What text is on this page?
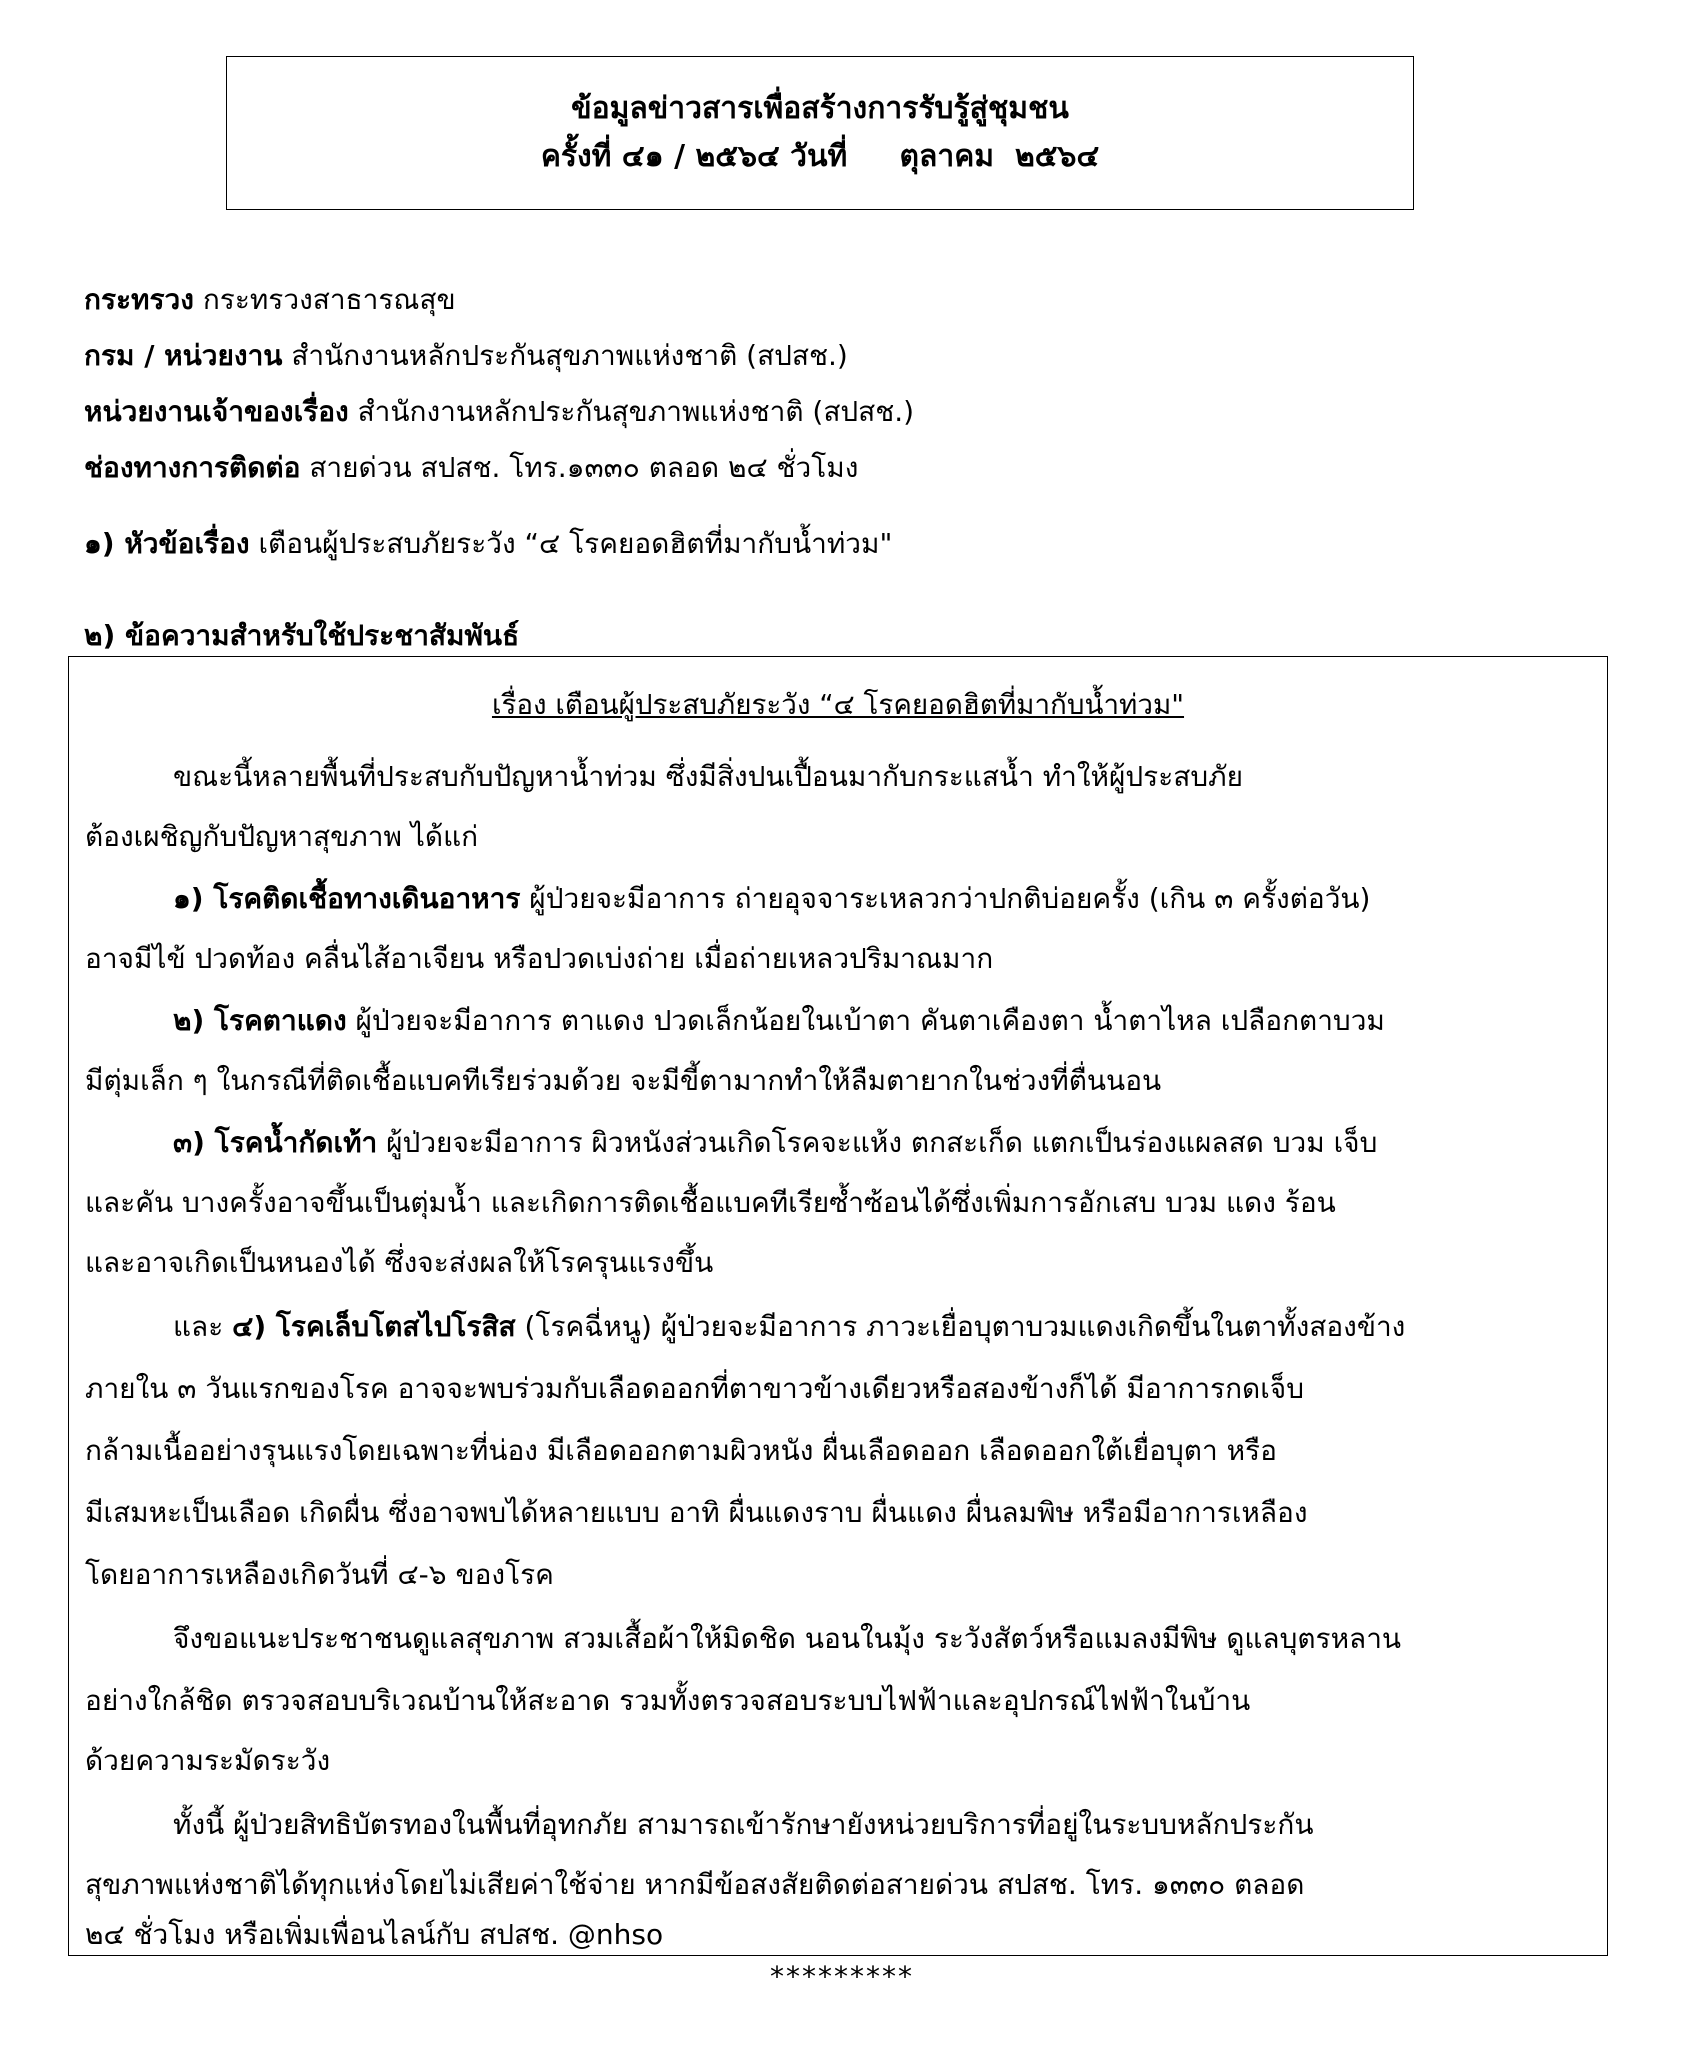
ข้อมูลข่าวสารเพื่อสร้างการรับรู้สู่ชุมชน
ครั้งที่ ๔๑ / ๒๕๖๔ วันที่     ตุลาคม  ๒๕๖๔

กระทรวง กระทรวงสาธารณสุข

กรม / หน่วยงาน สำนักงานหลักประกันสุขภาพแห่งชาติ (สปสช.)

หน่วยงานเจ้าของเรื่อง สำนักงานหลักประกันสุขภาพแห่งชาติ (สปสช.)

ช่องทางการติดต่อ สายด่วน สปสช. โทร.๑๓๓๐ ตลอด ๒๔ ชั่วโมง

๑) หัวข้อเรื่อง เตือนผู้ประสบภัยระวัง “๔ โรคยอดฮิตที่มากับน้ำท่วม"
๒) ข้อความสำหรับใช้ประชาสัมพันธ์
เรื่อง เตือนผู้ประสบภัยระวัง “๔ โรคยอดฮิตที่มากับน้ำท่วม"
ขณะนี้หลายพื้นที่ประสบกับปัญหาน้ำท่วม ซึ่งมีสิ่งปนเปื้อนมากับกระแสน้ำ ทำให้ผู้ประสบภัย
ต้องเผชิญกับปัญหาสุขภาพ ได้แก่
๑) โรคติดเชื้อทางเดินอาหาร ผู้ป่วยจะมีอาการ ถ่ายอุจจาระเหลวกว่าปกติบ่อยครั้ง (เกิน ๓ ครั้งต่อวัน)
อาจมีไข้ ปวดท้อง คลื่นไส้อาเจียน หรือปวดเบ่งถ่าย เมื่อถ่ายเหลวปริมาณมาก
๒) โรคตาแดง ผู้ป่วยจะมีอาการ ตาแดง ปวดเล็กน้อยในเบ้าตา คันตาเคืองตา น้ำตาไหล เปลือกตาบวม
มีตุ่มเล็ก ๆ ในกรณีที่ติดเชื้อแบคทีเรียร่วมด้วย จะมีขี้ตามากทำให้ลืมตายากในช่วงที่ตื่นนอน
๓) โรคน้ำกัดเท้า ผู้ป่วยจะมีอาการ ผิวหนังส่วนเกิดโรคจะแห้ง ตกสะเก็ด แตกเป็นร่องแผลสด บวม เจ็บ
และคัน บางครั้งอาจขึ้นเป็นตุ่มน้ำ และเกิดการติดเชื้อแบคทีเรียซ้ำซ้อนได้ซึ่งเพิ่มการอักเสบ บวม แดง ร้อน
และอาจเกิดเป็นหนองได้ ซึ่งจะส่งผลให้โรครุนแรงขึ้น
และ ๔) โรคเล็บโตสไปโรสิส (โรคฉี่หนู) ผู้ป่วยจะมีอาการ ภาวะเยื่อบุตาบวมแดงเกิดขึ้นในตาทั้งสองข้าง
ภายใน ๓ วันแรกของโรค อาจจะพบร่วมกับเลือดออกที่ตาขาวข้างเดียวหรือสองข้างก็ได้ มีอาการกดเจ็บ
กล้ามเนื้ออย่างรุนแรงโดยเฉพาะที่น่อง มีเลือดออกตามผิวหนัง ผื่นเลือดออก เลือดออกใต้เยื่อบุตา หรือ
มีเสมหะเป็นเลือด เกิดผื่น ซึ่งอาจพบได้หลายแบบ อาทิ ผื่นแดงราบ ผื่นแดง ผื่นลมพิษ หรือมีอาการเหลือง
โดยอาการเหลืองเกิดวันที่ ๔-๖ ของโรค
จึงขอแนะประชาชนดูแลสุขภาพ สวมเสื้อผ้าให้มิดชิด นอนในมุ้ง ระวังสัตว์หรือแมลงมีพิษ ดูแลบุตรหลาน
อย่างใกล้ชิด ตรวจสอบบริเวณบ้านให้สะอาด รวมทั้งตรวจสอบระบบไฟฟ้าและอุปกรณ์ไฟฟ้าในบ้าน
ด้วยความระมัดระวัง
ทั้งนี้ ผู้ป่วยสิทธิบัตรทองในพื้นที่อุทกภัย สามารถเข้ารักษายังหน่วยบริการที่อยู่ในระบบหลักประกัน
สุขภาพแห่งชาติได้ทุกแห่งโดยไม่เสียค่าใช้จ่าย หากมีข้อสงสัยติดต่อสายด่วน สปสช. โทร. ๑๓๓๐ ตลอด
๒๔ ชั่วโมง หรือเพิ่มเพื่อนไลน์กับ สปสช. @nhso
*********
